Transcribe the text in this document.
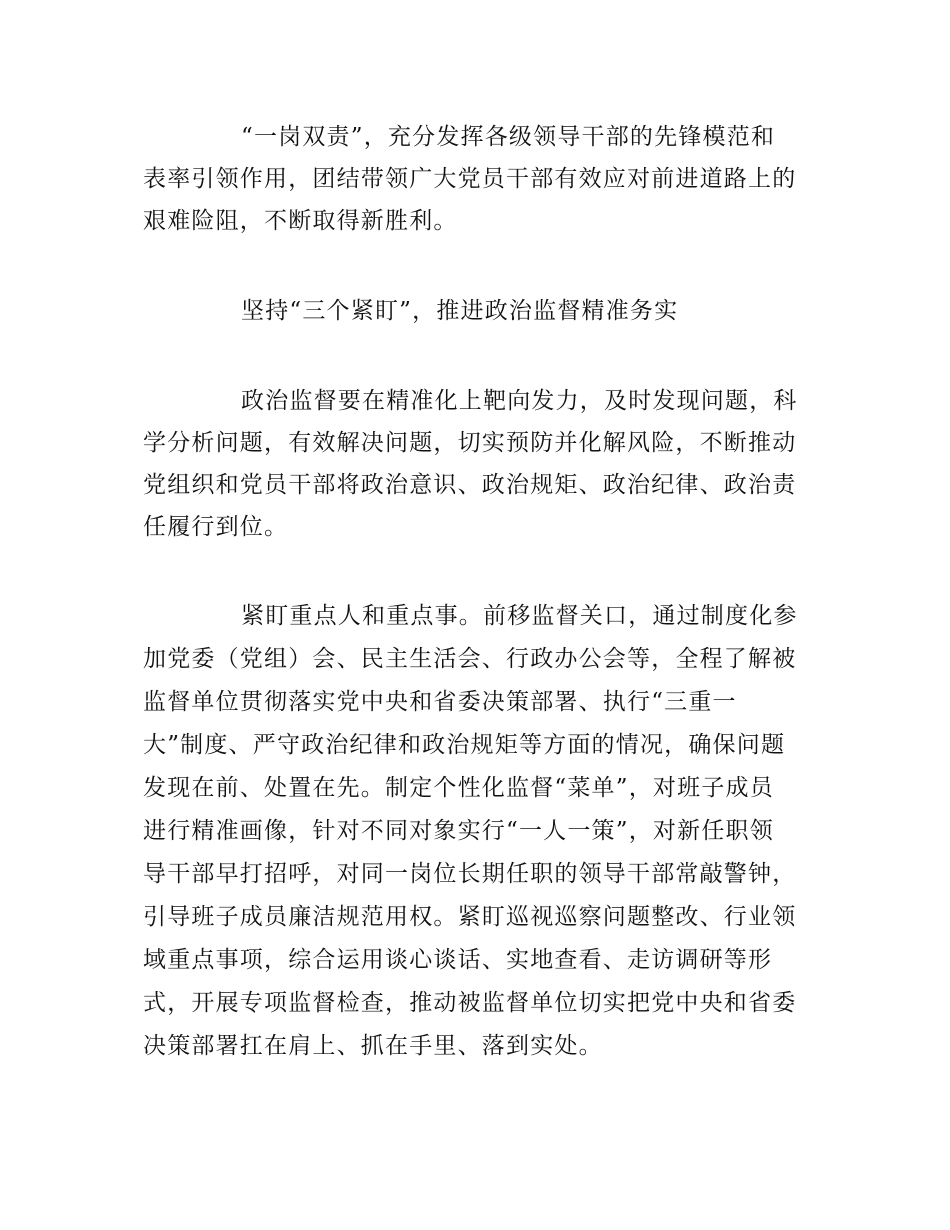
“一岗双责”，充分发挥各级领导干部的先锋模范和

表率引领作用，团结带领广大党员干部有效应对前进道路上的

艰难险阻，不断取得新胜利。

坚持“三个紧盯”，推进政治监督精准务实

政治监督要在精准化上靶向发力，及时发现问题，科

学分析问题，有效解决问题，切实预防并化解风险，不断推动

党组织和党员干部将政治意识、政治规矩、政治纪律、政治责

任履行到位。

紧盯重点人和重点事。前移监督关口，通过制度化参

加党委（党组）会、民主生活会、行政办公会等，全程了解被

监督单位贯彻落实党中央和省委决策部署、执行“三重一

大”制度、严守政治纪律和政治规矩等方面的情况，确保问题

发现在前、处置在先。制定个性化监督“菜单”，对班子成员

进行精准画像，针对不同对象实行“一人一策”，对新任职领

导干部早打招呼，对同一岗位长期任职的领导干部常敲警钟，

引导班子成员廉洁规范用权。紧盯巡视巡察问题整改、行业领

域重点事项，综合运用谈心谈话、实地查看、走访调研等形

式，开展专项监督检查，推动被监督单位切实把党中央和省委

决策部署扛在肩上、抓在手里、落到实处。
